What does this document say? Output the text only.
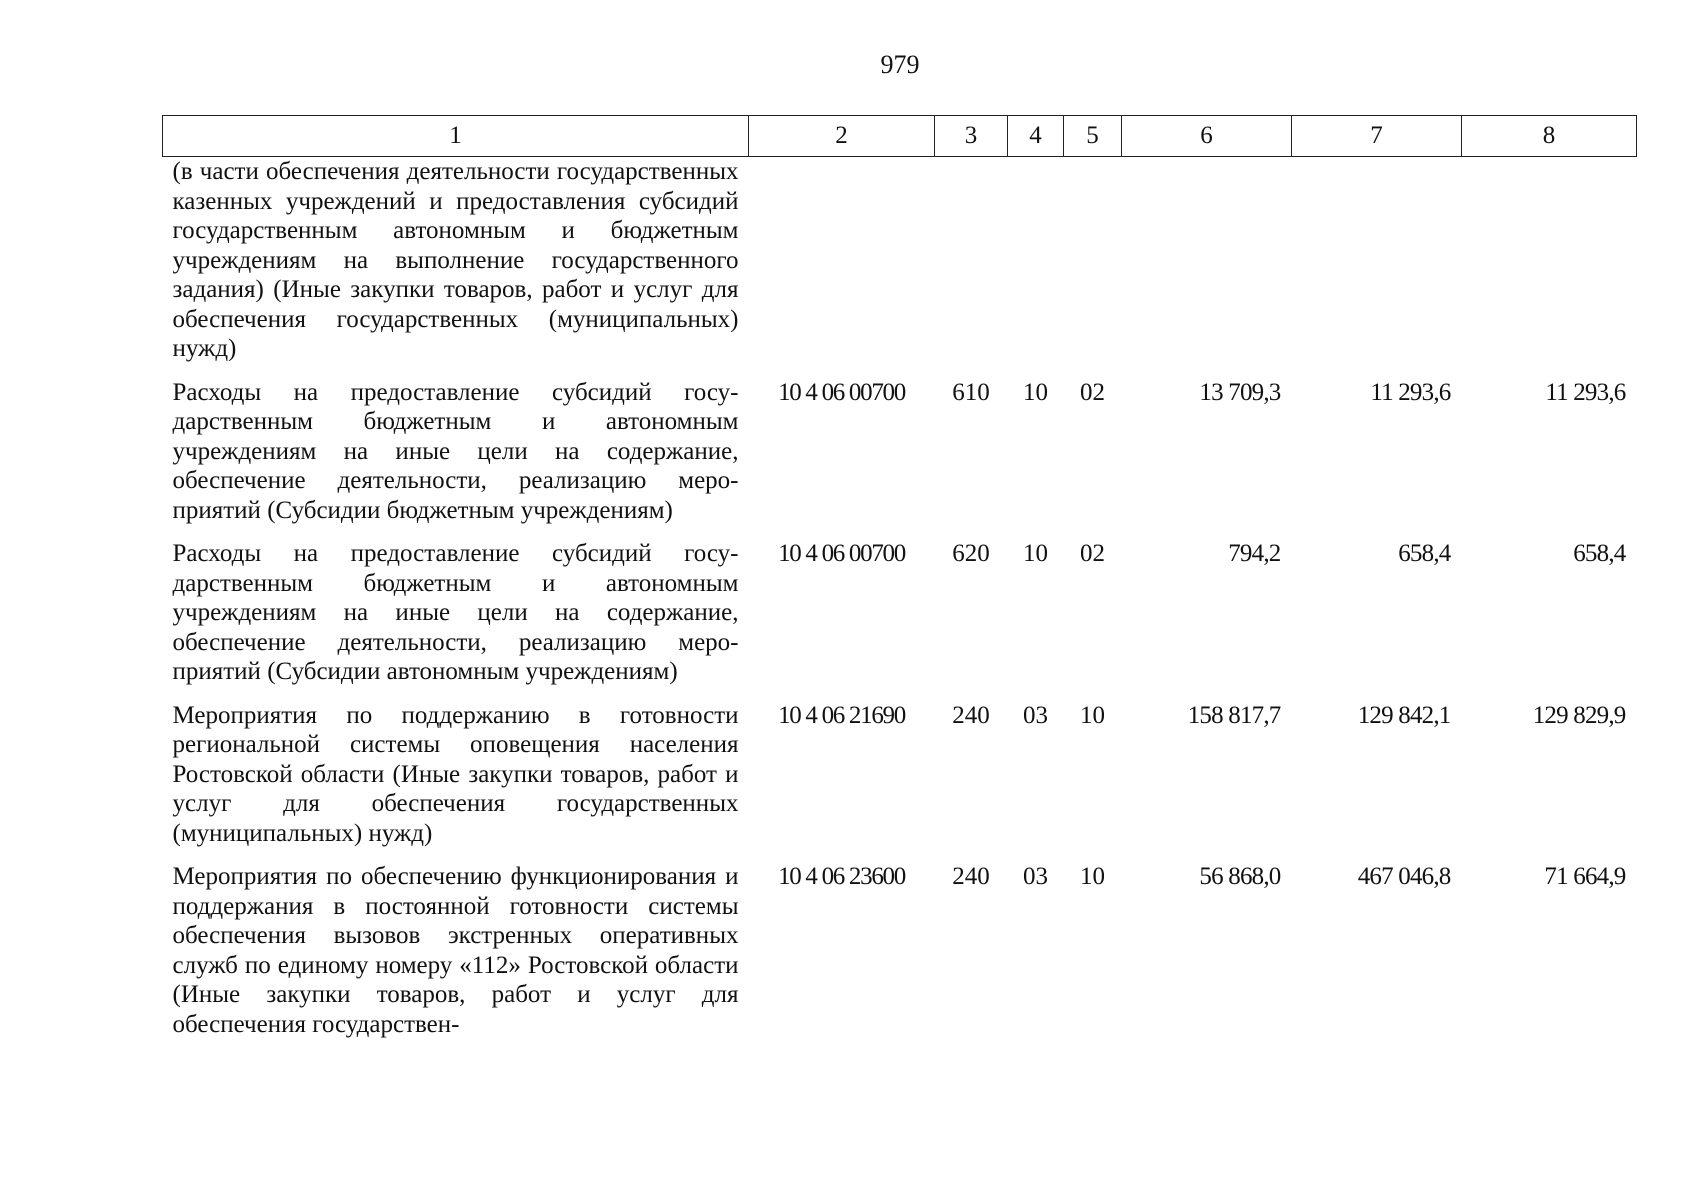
979
1	2	3	4	5	6	7	8
(в части обеспечения деятельности государственных казенных учреждений и предоставления субсидий государственным автономным и бюджетным учреждениям на выполнение государственного задания) (Иные закупки товаров, работ и услуг для обеспечения государственных (муниципальных) нужд)							
Расходы на предоставление субсидий государственным бюджетным и автономным учреждениям на иные цели на содержание, обеспечение деятельности, реализацию мероприятий (Субсидии бюджетным учреждениям)	10 4 06 00700	610	10	02	13 709,3	11 293,6	11 293,6
Расходы на предоставление субсидий государственным бюджетным и автономным учреждениям на иные цели на содержание, обеспечение деятельности, реализацию мероприятий (Субсидии автономным учреждениям)	10 4 06 00700	620	10	02	794,2	658,4	658,4
Мероприятия по поддержанию в готовности региональной системы оповещения населения Ростовской области (Иные закупки товаров, работ и услуг для обеспечения государственных (муниципальных) нужд)	10 4 06 21690	240	03	10	158 817,7	129 842,1	129 829,9
Мероприятия по обеспечению функционирования и поддержания в постоянной готовности системы обеспечения вызовов экстренных оперативных служб по единому номеру «112» Ростовской области (Иные закупки товаров, работ и услуг для обеспечения государствен-	10 4 06 23600	240	03	10	56 868,0	467 046,8	71 664,9
